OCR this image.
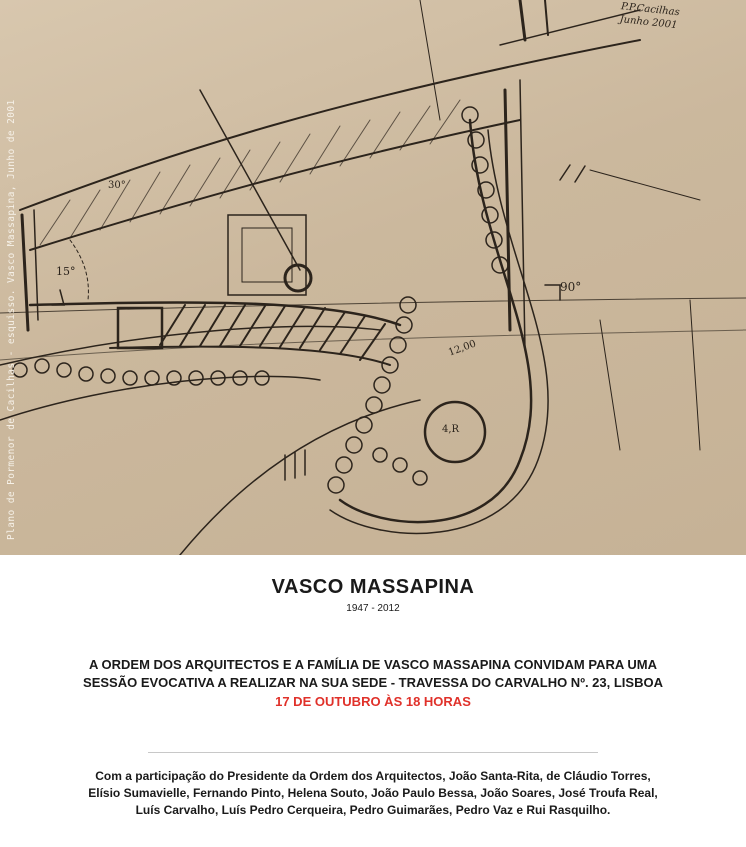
Plano de Pormenor de Cacilhas - esquisso. Vasco Massapina, Junho de 2001
P.P.Cacilhas
Junho 2001
15°
90°
30°
12,00
4,R
VASCO MASSAPINA
1947 - 2012
A ORDEM DOS ARQUITECTOS E A FAMÍLIA DE VASCO MASSAPINA CONVIDAM PARA UMA
SESSÃO EVOCATIVA A REALIZAR NA SUA SEDE - TRAVESSA DO CARVALHO Nº. 23, LISBOA
17 DE OUTUBRO ÀS 18 HORAS
Com a participação do Presidente da Ordem dos Arquitectos, João Santa-Rita, de Cláudio Torres,
Elísio Sumavielle, Fernando Pinto, Helena Souto, João Paulo Bessa, João Soares, José Troufa Real,
Luís Carvalho, Luís Pedro Cerqueira, Pedro Guimarães, Pedro Vaz e Rui Rasquilho.
